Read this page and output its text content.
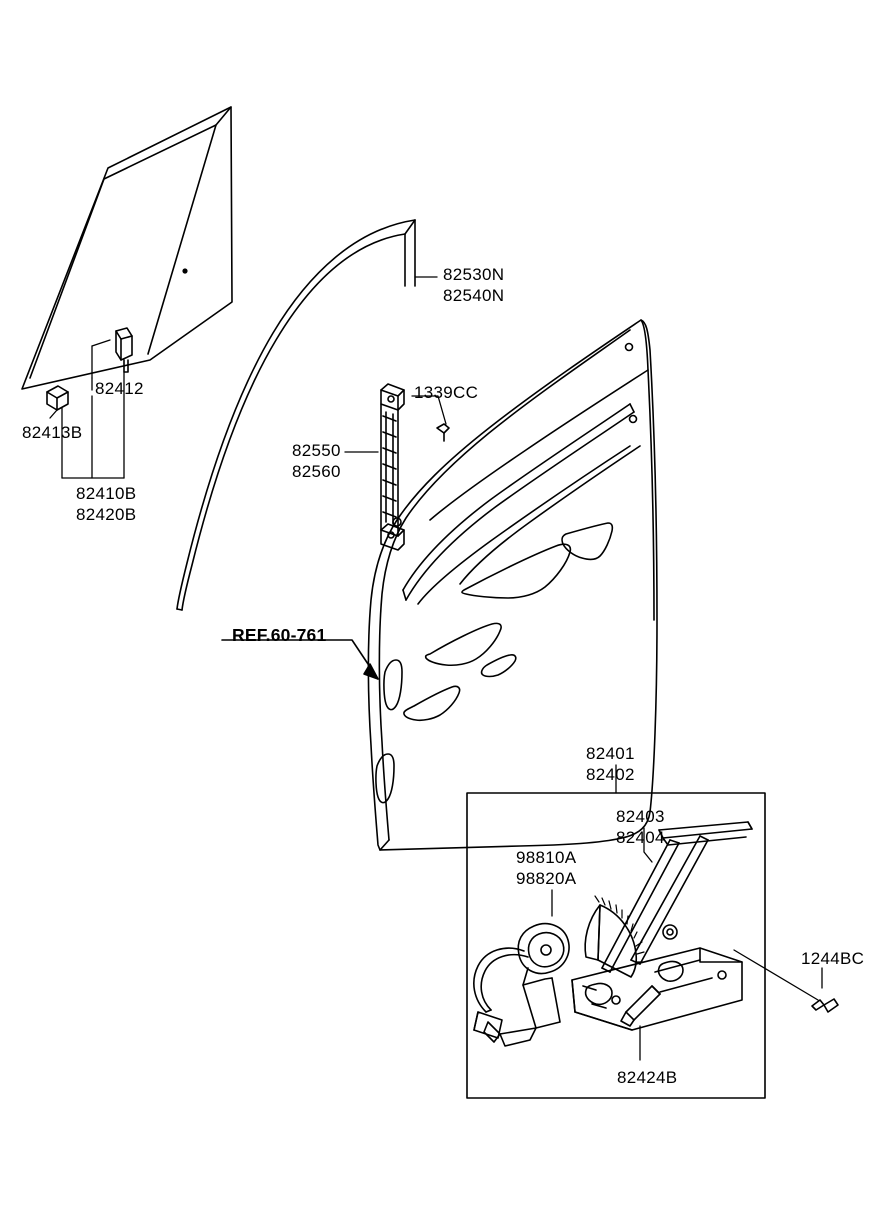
82530N
82540N
82412
82413B
82410B
82420B
1339CC
82550
82560
REF.60-761
82401
82402
82403
82404
98810A
98820A
1244BC
82424B
